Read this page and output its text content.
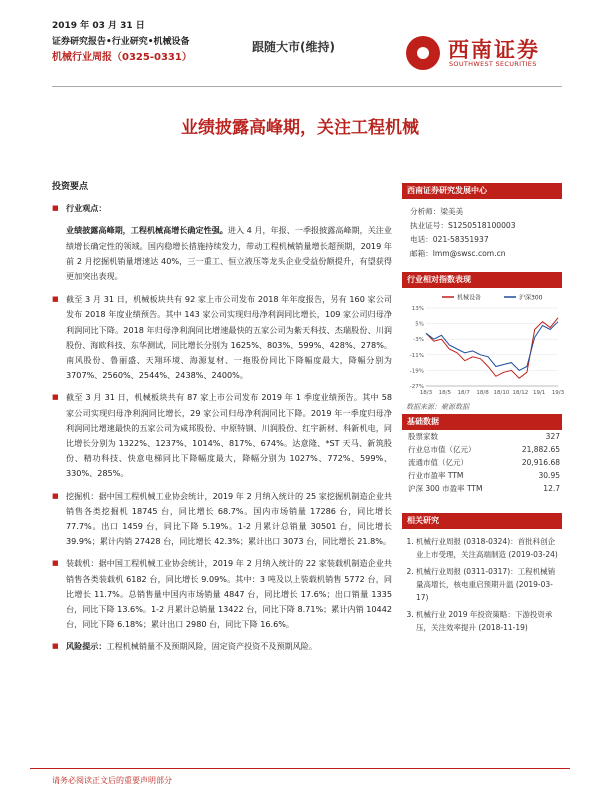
2019 年 03 月 31 日
证券研究报告•行业研究•机械设备
机械行业周报（0325-0331）
跟随大市(维持)	西南证券
SOUTHWEST SECURITIES
业绩披露高峰期，关注工程机械
投资要点
■ 行业观点：
业绩披露高峰期，工程机械高增长确定性强。进入 4 月，年报、一季报披露高峰期，关注业绩增长确定性的领域。国内稳增长措施持续发力，带动工程机械销量增长超预期，2019 年前 2 月挖掘机销量增速达 40%，三一重工、恒立液压等龙头企业受益份额提升，有望获得更加突出表现。
■ 截至 3 月 31 日，机械板块共有 92 家上市公司发布 2018 年年度报告，另有 160 家公司发布 2018 年度业绩预告。其中 143 家公司实现归母净利润同比增长，109 家公司归母净利润同比下降。2018 年归母净利润同比增速最快的五家公司为紫天科技、杰瑞股份、川润股份、海欧科技、东华测试，同比增长分别为 1625%、803%、599%、428%、278%。南风股份、鲁丽盛、天翔环境、海源复材、一拖股份同比下降幅度最大，降幅分别为 3707%、2560%、2544%、2438%、2400%。
■ 截至 3 月 31 日，机械板块共有 87 家上市公司发布 2019 年 1 季度业绩预告。其中 58 家公司实现归母净利润同比增长，29 家公司归母净利润同比下降。2019 年一季度归母净利润同比增速最快的五家公司为咸邦股份、中原特钢、川润股份、红宇新材、科新机电，同比增长分别为 1322%、1237%、1014%、817%、674%。达意隆、*ST 天马、新筑股份、精功科技、快意电梯同比下降幅度最大，降幅分别为 1027%、772%、599%、330%、285%。
■ 挖掘机：据中国工程机械工业协会统计，2019 年 2 月纳入统计的 25 家挖掘机制造企业共销售各类挖掘机 18745 台，同比增长 68.7%。国内市场销量 17286 台，同比增长 77.7%。出口 1459 台，同比下降 5.19%。1-2 月累计总销量 30501 台，同比增长 39.9%；累计内销 27428 台，同比增长 42.3%；累计出口 3073 台，同比增长 21.8%。
■ 装载机：据中国工程机械工业协会统计，2019 年 2 月纳入统计的 22 家装载机制造企业共销售各类装载机 6182 台，同比增长 9.09%。其中：3 吨及以上装载机销售 5772 台，同比增长 11.7%。总销售量中国内市场销量 4847 台，同比增长 17.6%；出口销量 1335 台，同比下降 13.6%。1-2 月累计总销量 13422 台，同比下降 8.71%；累计内销 10442 台，同比下降 6.18%；累计出口 2980 台，同比下降 16.6%。
■ 风险提示：工程机械销量不及预期风险，固定资产投资不及预期风险。
西南证券研究发展中心
分析师：梁美美
执业证号：S1250518100003
电话：021-58351937
邮箱：lmm@swsc.com.cn
行业相对指数表现
机械设备	沪深300
13%
5%
-3%
-11%
-19%
-27%
18/3 18/5 18/7 18/8 18/10 18/12 19/1 19/3
数据来源：聚源数据
基础数据
股票家数	327
行业总市值（亿元）	21,882.65
流通市值（亿元）	20,916.68
行业市盈率 TTM	30.95
沪深 300 市盈率 TTM	12.7
相关研究
1. 机械行业周报 (0318-0324)：首批科创企业上市受理，关注高端制造 (2019-03-24)
2. 机械行业周报 (0311-0317)：工程机械销量高增长，核电重启预期升温 (2019-03-17)
3. 机械行业 2019 年投资策略：下游投资承压，关注效率提升 (2018-11-19)
请务必阅读正文后的重要声明部分
